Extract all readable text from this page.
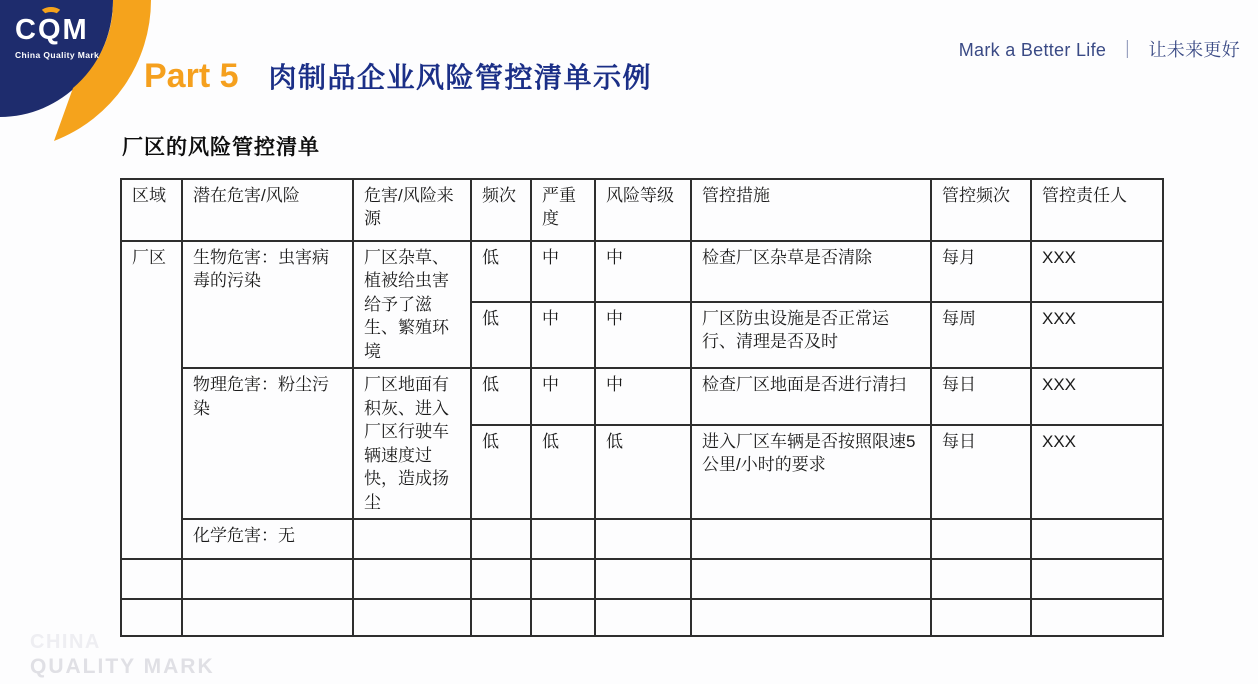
CQM
China Quality Mark	Mark a Better Life ｜ 让未来更好
Part 5 肉制品企业风险管控清单示例
厂区的风险管控清单
区域	潜在危害/风险	危害/风险来源	频次	严重度	风险等级	管控措施	管控频次	管控责任人
厂区	生物危害：虫害病毒的污染	厂区杂草、植被给虫害给予了滋生、繁殖环境	低	中	中	检查厂区杂草是否清除	每月	XXX
			低	中	中	厂区防虫设施是否正常运行、清理是否及时	每周	XXX
	物理危害：粉尘污染	厂区地面有积灰、进入厂区行驶车辆速度过快，造成扬尘	低	中	中	检查厂区地面是否进行清扫	每日	XXX
			低	低	低	进入厂区车辆是否按照限速5公里/小时的要求	每日	XXX
	化学危害：无							

CHINA
QUALITY MARK
